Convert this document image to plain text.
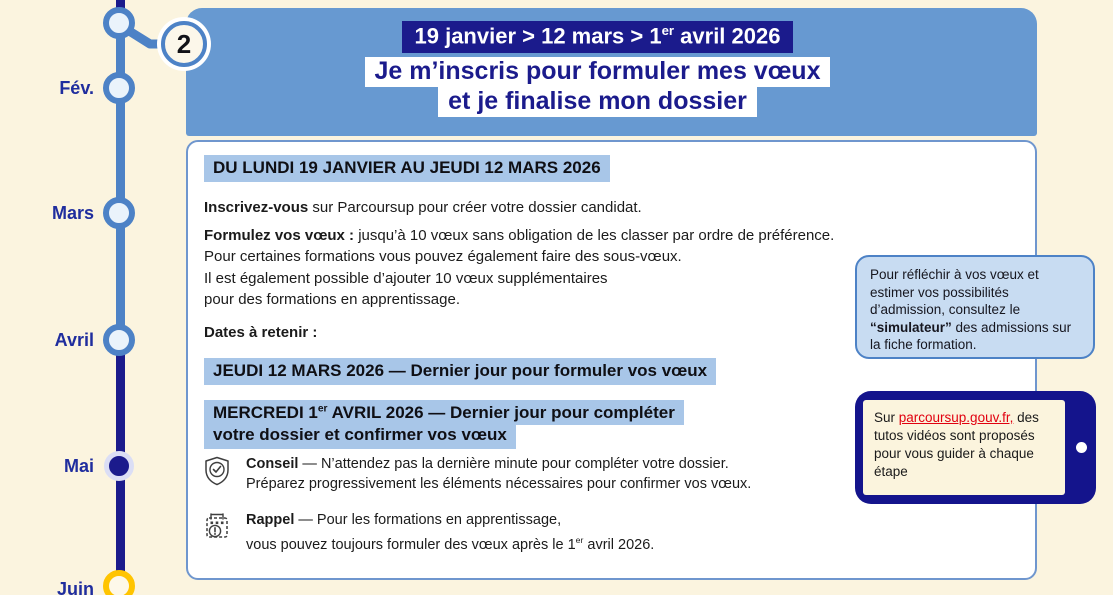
Fév.
Mars
Avril
Mai
Juin
2	19 janvier > 12 mars > 1er avril 2026
Je m’inscris pour formuler mes vœux
et je finalise mon dossier
DU LUNDI 19 JANVIER AU JEUDI 12 MARS 2026

Inscrivez-vous sur Parcoursup pour créer votre dossier candidat.

Formulez vos vœux : jusqu’à 10 vœux sans obligation de les classer par ordre de préférence.
Pour certaines formations vous pouvez également faire des sous-vœux.

Il est également possible d’ajouter 10 vœux supplémentaires
pour des formations en apprentissage.

Dates à retenir :
JEUDI 12 MARS 2026 — Dernier jour pour formuler vos vœux
MERCREDI 1er AVRIL 2026 — Dernier jour pour compléter
votre dossier et confirmer vos vœux
Conseil — N’attendez pas la dernière minute pour compléter votre dossier.
Préparez progressivement les éléments nécessaires pour confirmer vos vœux.
Rappel — Pour les formations en apprentissage,
vous pouvez toujours formuler des vœux après le 1er avril 2026.
Pour réfléchir à vos vœux et estimer vos possibilités d’admission, consultez le “simulateur” des admissions sur la fiche formation.
Sur parcoursup.gouv.fr, des tutos vidéos sont proposés pour vous guider à chaque étape
